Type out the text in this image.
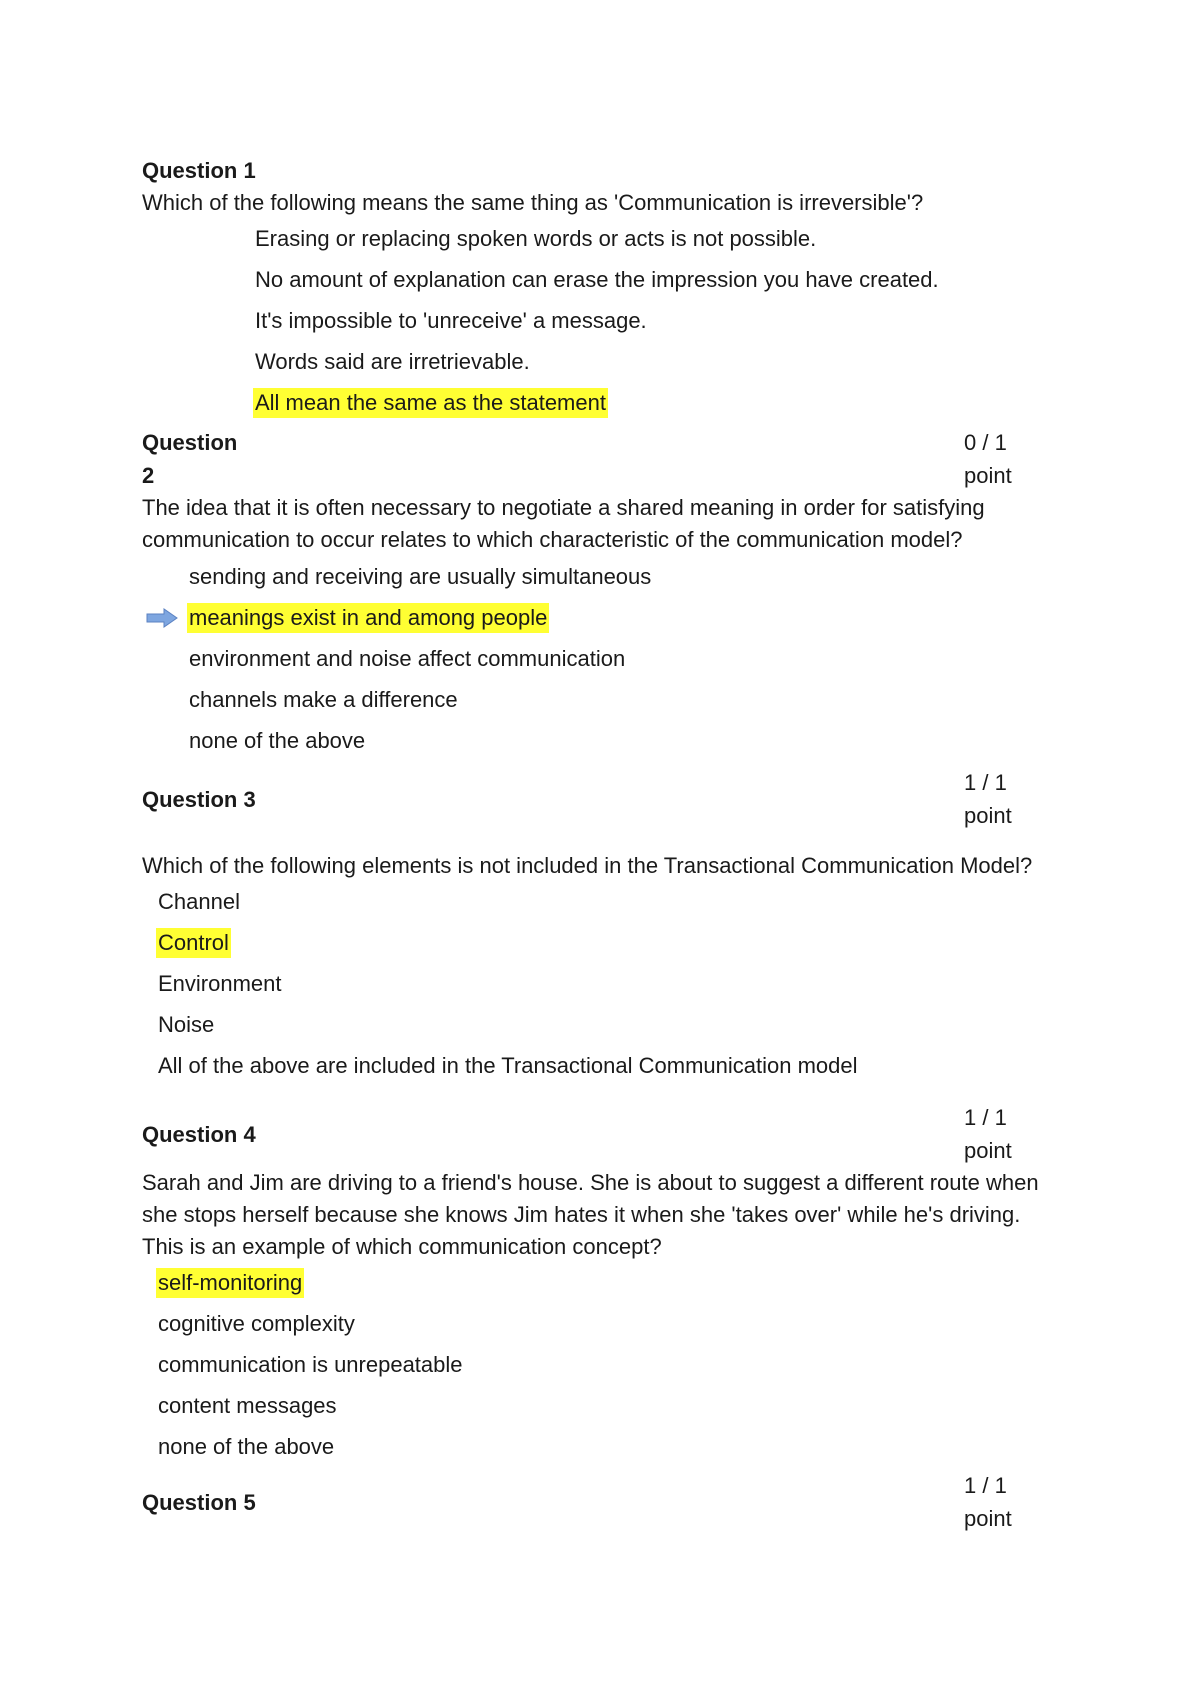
Question 1
Which of the following means the same thing as 'Communication is irreversible'?
Erasing or replacing spoken words or acts is not possible.
No amount of explanation can erase the impression you have created.
It's impossible to 'unreceive' a message.
Words said are irretrievable.
All mean the same as the statement
Question
2
0 / 1
point
The idea that it is often necessary to negotiate a shared meaning in order for satisfying communication to occur relates to which characteristic of the communication model?
sending and receiving are usually simultaneous
meanings exist in and among people
environment and noise affect communication
channels make a difference
none of the above
Question 3
1 / 1
point
Which of the following elements is not included in the Transactional Communication Model?
Channel
Control
Environment
Noise
All of the above are included in the Transactional Communication model
Question 4
1 / 1
point
Sarah and Jim are driving to a friend's house. She is about to suggest a different route when she stops herself because she knows Jim hates it when she 'takes over' while he's driving. This is an example of which communication concept?
self-monitoring
cognitive complexity
communication is unrepeatable
content messages
none of the above
Question 5
1 / 1
point
